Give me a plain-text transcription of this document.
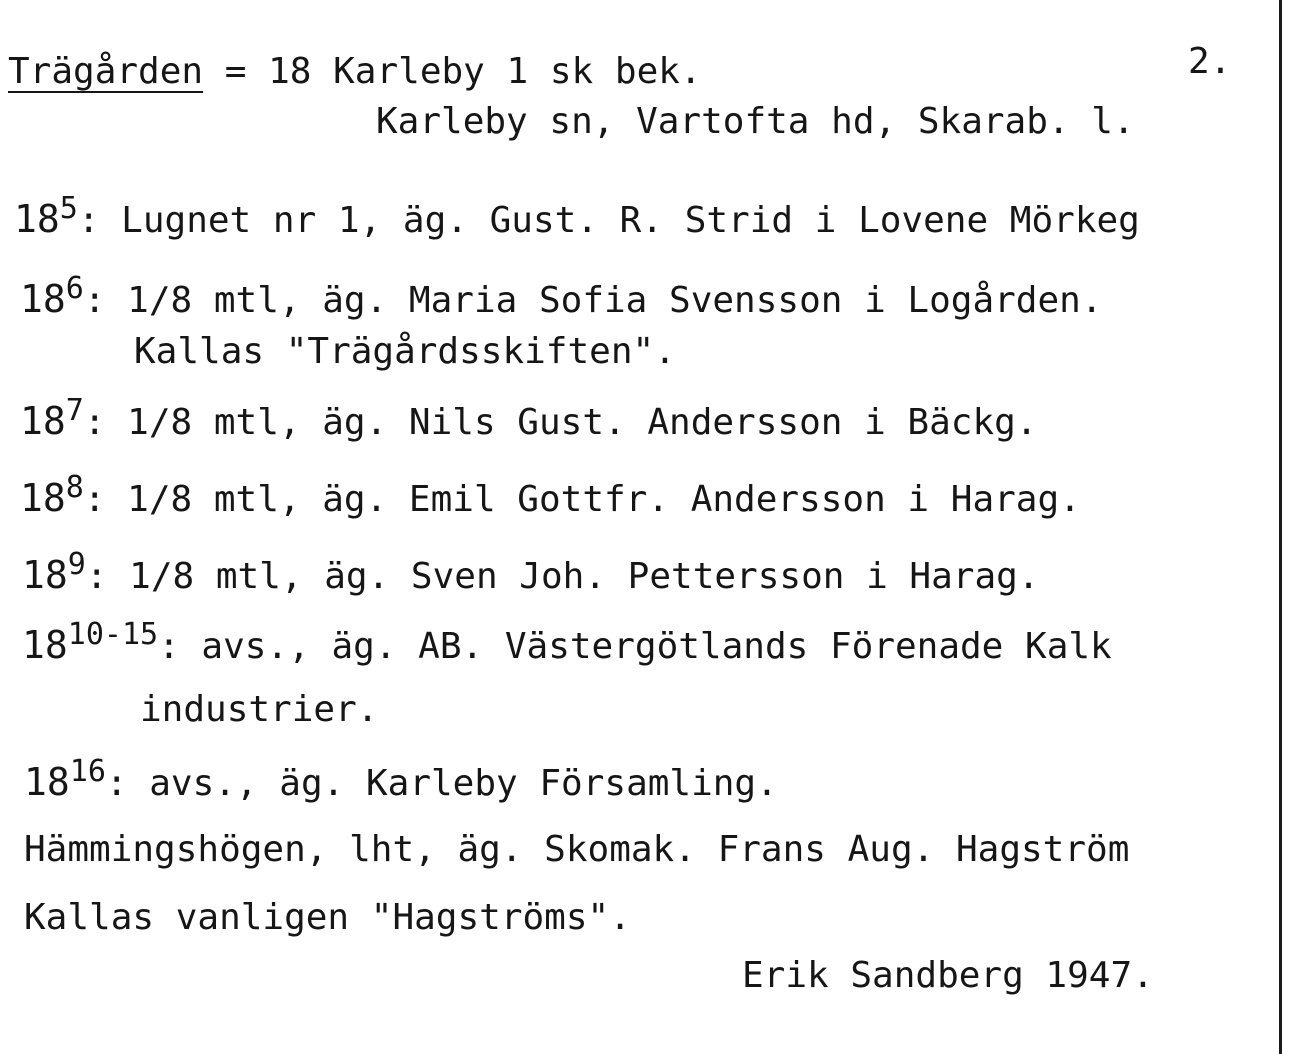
Trägården = 18 Karleby 1 sk bek.	2.
Karleby sn, Vartofta hd, Skarab. l.
$18^5$: Lugnet nr 1, äg. Gust. R. Strid i Lovene Mörkeg
$18^6$: 1/8 mtl, äg. Maria Sofia Svensson i Logården.
Kallas "Trägårdsskiften".
$18^7$: 1/8 mtl, äg. Nils Gust. Andersson i Bäckg.
$18^8$: 1/8 mtl, äg. Emil Gottfr. Andersson i Harag.
$18^9$: 1/8 mtl, äg. Sven Joh. Pettersson i Harag.
18$^{10-15}$: avs., äg. AB. Västergötlands Förenade Kalk
industrier.
$18^{16}$: avs., äg. Karleby Församling.
Hämmingshögen, lht, äg. Skomak. Frans Aug. Hagström
Kallas vanligen "Hagströms".
Erik Sandberg 1947.
